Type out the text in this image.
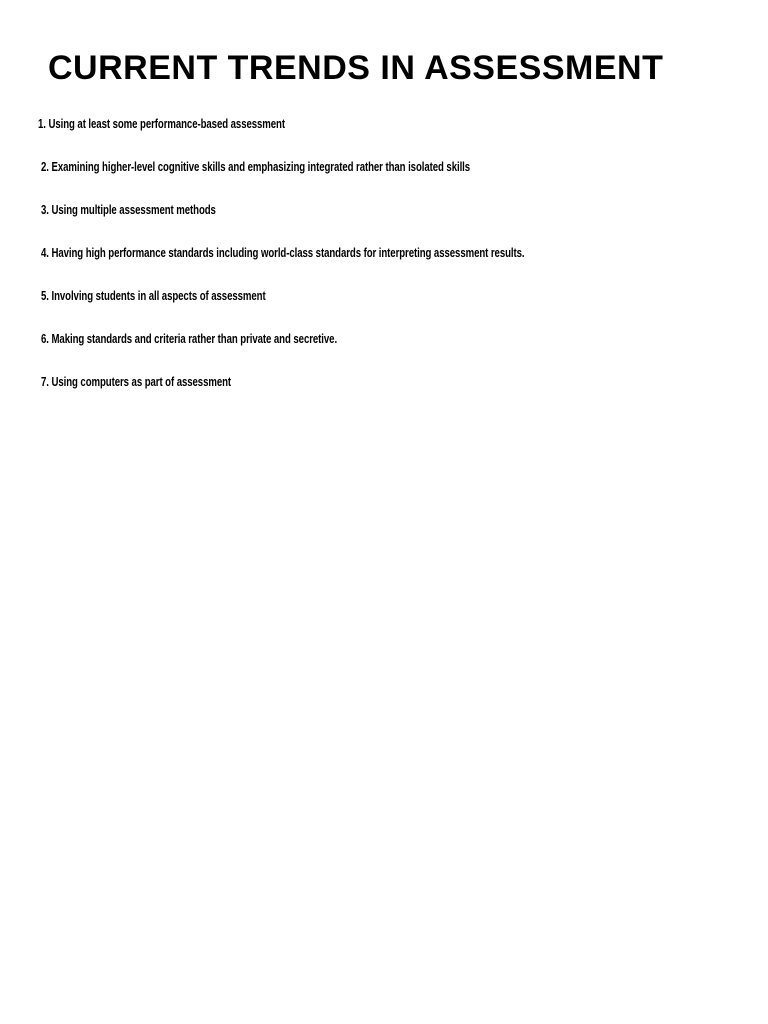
CURRENT TRENDS IN ASSESSMENT
1. Using at least some performance-based assessment
2. Examining higher-level cognitive skills and emphasizing integrated rather than isolated skills
3. Using multiple assessment methods
4. Having high performance standards including world-class standards for interpreting assessment results.
5. Involving students in all aspects of assessment
6. Making standards and criteria rather than private and secretive.
7. Using computers as part of assessment
